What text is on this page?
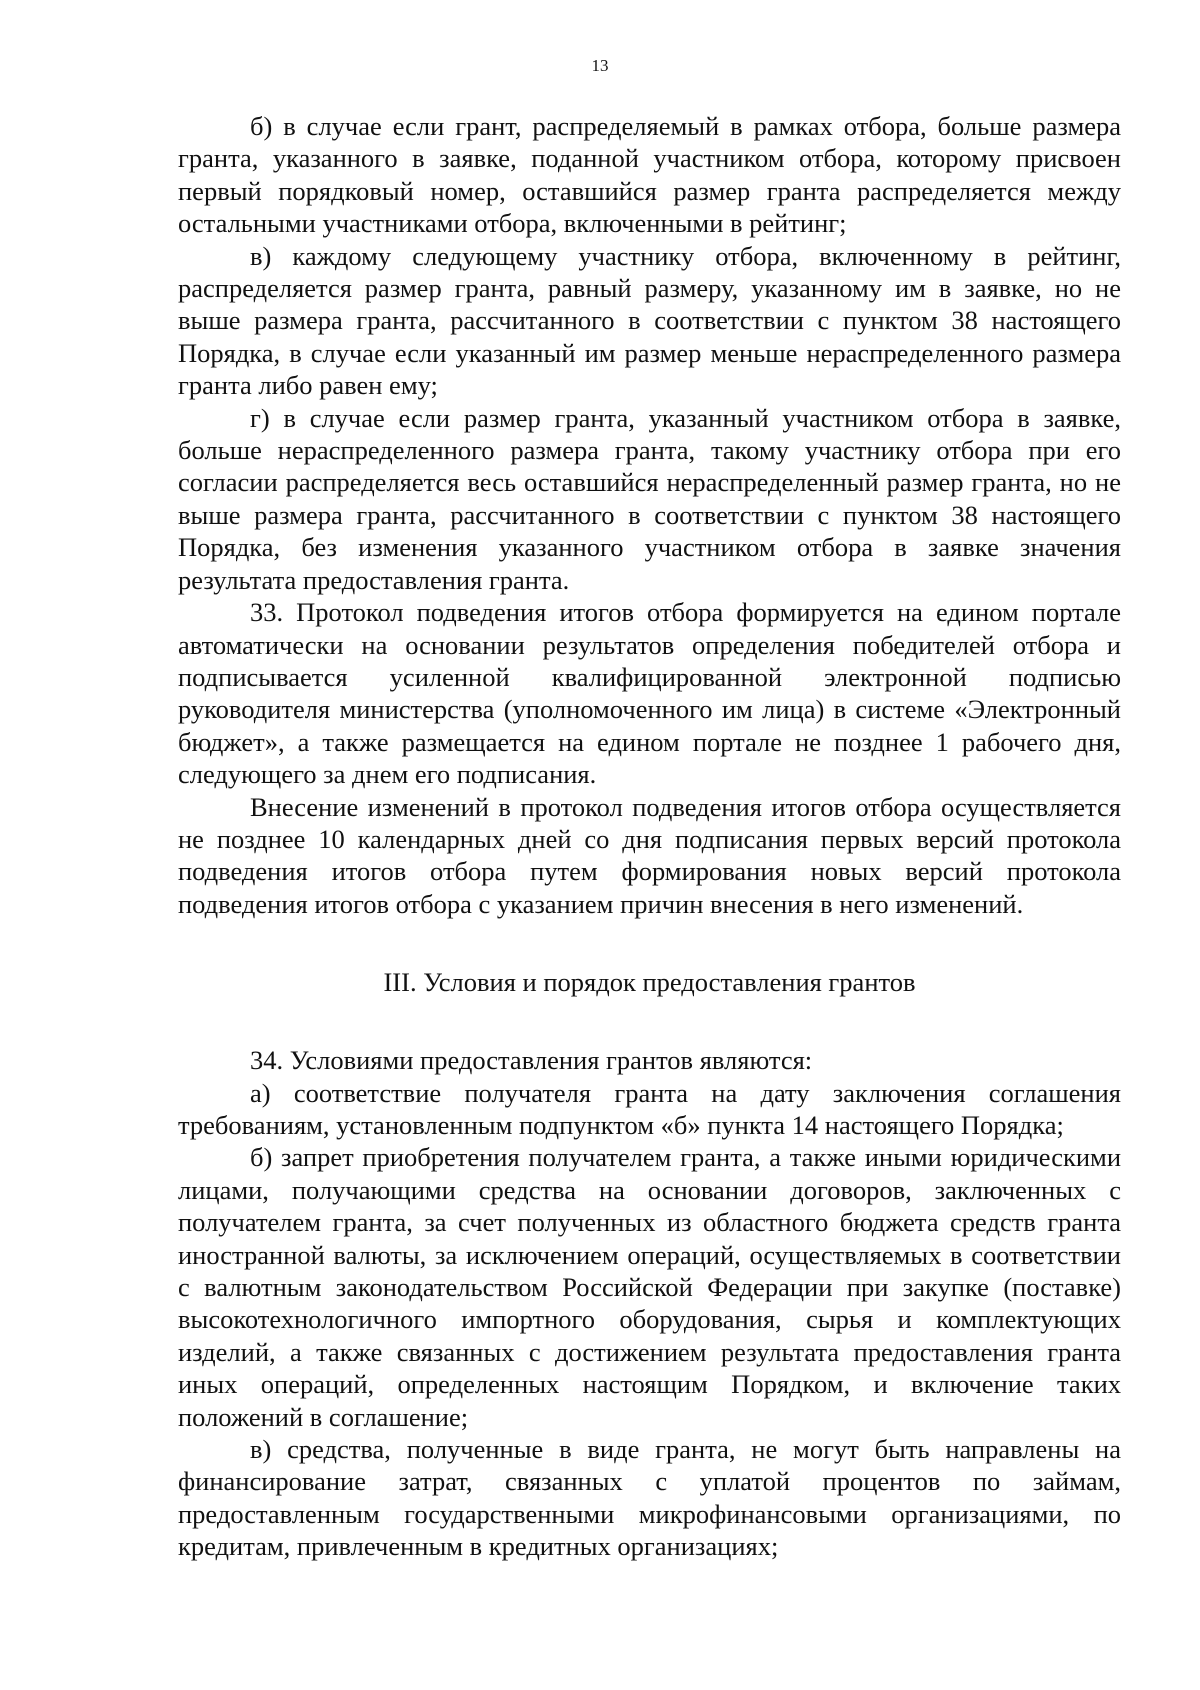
13

б) в случае если грант, распределяемый в рамках отбора, больше размера гранта, указанного в заявке, поданной участником отбора, которому присвоен первый порядковый номер, оставшийся размер гранта распределяется между остальными участниками отбора, включенными в рейтинг;

в) каждому следующему участнику отбора, включенному в рейтинг, распределяется размер гранта, равный размеру, указанному им в заявке, но не выше размера гранта, рассчитанного в соответствии с пунктом 38 настоящего Порядка, в случае если указанный им размер меньше нераспределенного размера гранта либо равен ему;

г) в случае если размер гранта, указанный участником отбора в заявке, больше нераспределенного размера гранта, такому участнику отбора при его согласии распределяется весь оставшийся нераспределенный размер гранта, но не выше размера гранта, рассчитанного в соответствии с пунктом 38 настоящего Порядка, без изменения указанного участником отбора в заявке значения результата предоставления гранта.

33. Протокол подведения итогов отбора формируется на едином портале автоматически на основании результатов определения победителей отбора и подписывается усиленной квалифицированной электронной подписью руководителя министерства (уполномоченного им лица) в системе «Электронный бюджет», а также размещается на едином портале не позднее 1 рабочего дня, следующего за днем его подписания.

Внесение изменений в протокол подведения итогов отбора осуществляется не позднее 10 календарных дней со дня подписания первых версий протокола подведения итогов отбора путем формирования новых версий протокола подведения итогов отбора с указанием причин внесения в него изменений.

III. Условия и порядок предоставления грантов

34. Условиями предоставления грантов являются:

а) соответствие получателя гранта на дату заключения соглашения требованиям, установленным подпунктом «б» пункта 14 настоящего Порядка;

б) запрет приобретения получателем гранта, а также иными юридическими лицами, получающими средства на основании договоров, заключенных с получателем гранта, за счет полученных из областного бюджета средств гранта иностранной валюты, за исключением операций, осуществляемых в соответствии с валютным законодательством Российской Федерации при закупке (поставке) высокотехнологичного импортного оборудования, сырья и комплектующих изделий, а также связанных с достижением результата предоставления гранта иных операций, определенных настоящим Порядком, и включение таких положений в соглашение;

в) средства, полученные в виде гранта, не могут быть направлены на финансирование затрат, связанных с уплатой процентов по займам, предоставленным государственными микрофинансовыми организациями, по кредитам, привлеченным в кредитных организациях;
